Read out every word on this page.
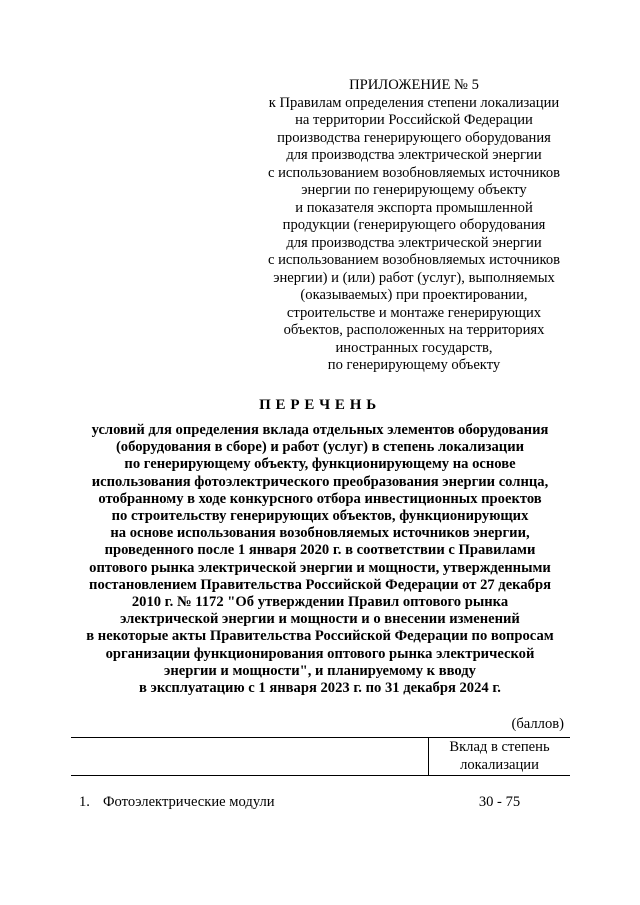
ПРИЛОЖЕНИЕ № 5
к Правилам определения степени локализации
на территории Российской Федерации
производства генерирующего оборудования
для производства электрической энергии
с использованием возобновляемых источников
энергии по генерирующему объекту
и показателя экспорта промышленной
продукции (генерирующего оборудования
для производства электрической энергии
с использованием возобновляемых источников
энергии) и (или) работ (услуг), выполняемых
(оказываемых) при проектировании,
строительстве и монтаже генерирующих
объектов, расположенных на территориях
иностранных государств,
по генерирующему объекту
ПЕРЕЧЕНЬ
условий для определения вклада отдельных элементов оборудования
(оборудования в сборе) и работ (услуг) в степень локализации
по генерирующему объекту, функционирующему на основе
использования фотоэлектрического преобразования энергии солнца,
отобранному в ходе конкурсного отбора инвестиционных проектов
по строительству генерирующих объектов, функционирующих
на основе использования возобновляемых источников энергии,
проведенного после 1 января 2020 г. в соответствии с Правилами
оптового рынка электрической энергии и мощности, утвержденными
постановлением Правительства Российской Федерации от 27 декабря
2010 г. № 1172 "Об утверждении Правил оптового рынка
электрической энергии и мощности и о внесении изменений
в некоторые акты Правительства Российской Федерации по вопросам
организации функционирования оптового рынка электрической
энергии и мощности", и планируемому к вводу
в эксплуатацию с 1 января 2023 г. по 31 декабря 2024 г.
(баллов)
Вклад в степень
локализации
1. Фотоэлектрические модули	30 - 75
